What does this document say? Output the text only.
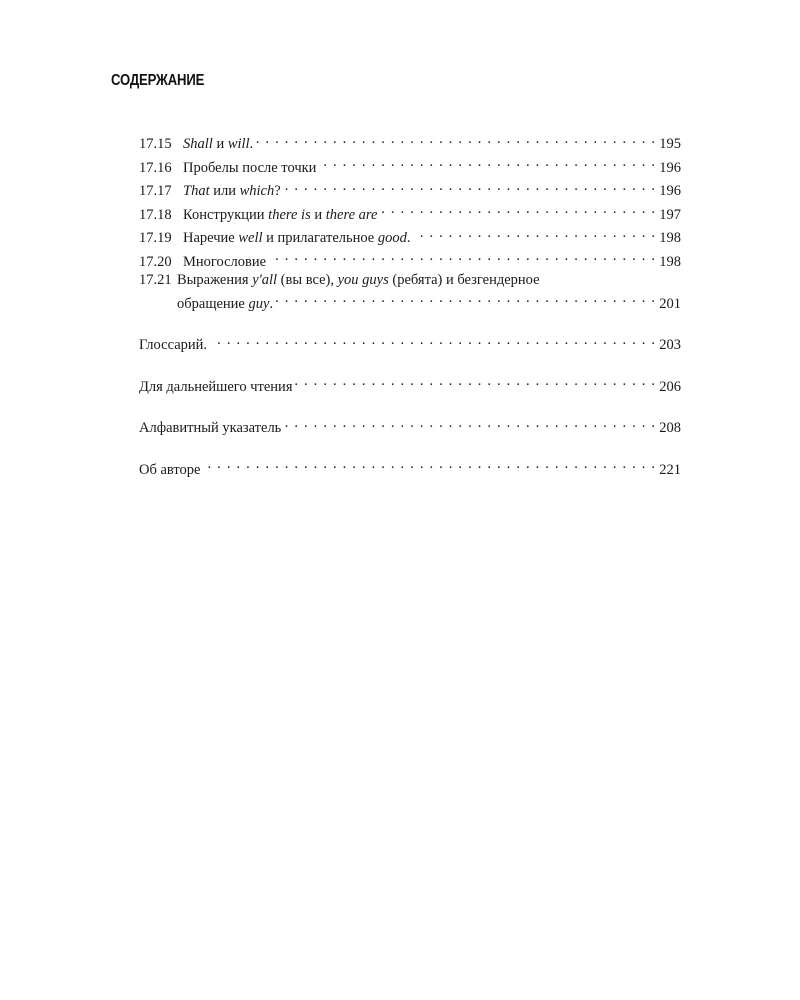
СОДЕРЖАНИЕ
17.15 Shall и will. . . .	195
17.16 Пробелы после точки . . .	196
17.17 That или which? . . .	196
17.18 Конструкции there is и there are . . .	197
17.19 Наречие well и прилагательное good. . . .	198
17.20 Многословие . . .	198
17.21 Выражения y'all (вы все), you guys (ребята) и безгендерное
обращение guy. . . .	201
Глоссарий. . . .	203
Для дальнейшего чтения . . .	206
Алфавитный указатель . . .	208
Об авторе . . .	221
